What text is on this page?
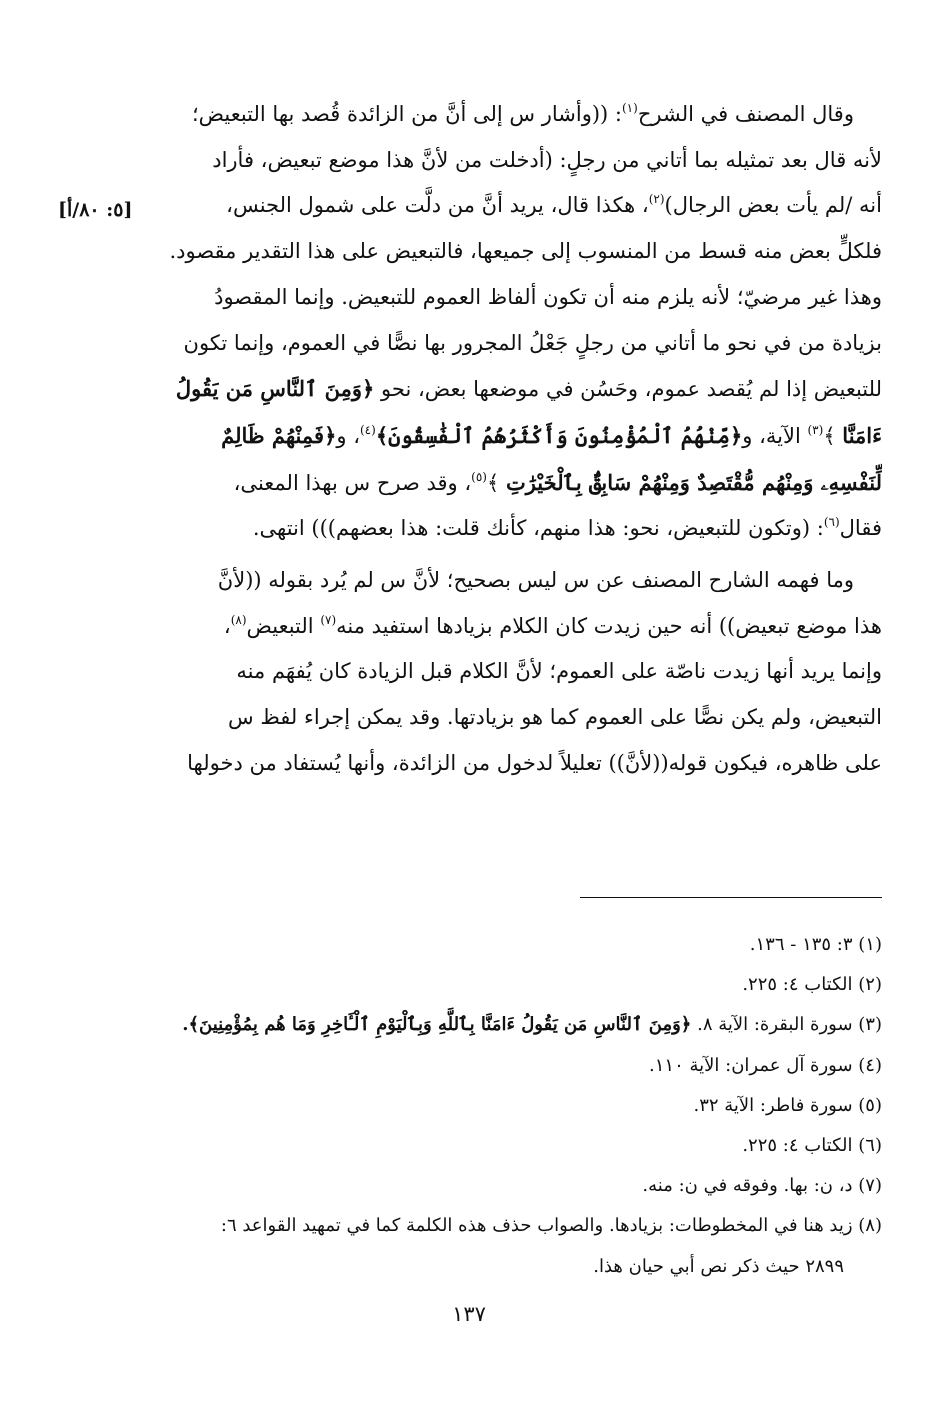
[٥: ٨٠/أ]

وقال المصنف في الشرح$^{(١)}$: ((وأشار س إلى أنَّ من الزائدة قُصد بها التبعيض؛
لأنه قال بعد تمثيله بما أتاني من رجلٍ: (أدخلت من لأنَّ هذا موضع تبعيض، فأراد
أنه /لم يأت بعض الرجال)$^{(٢)}$، هكذا قال، يريد أنَّ من دلَّت على شمول الجنس،
فلكلٍّ بعض منه قسط من المنسوب إلى جميعها، فالتبعيض على هذا التقدير مقصود.
وهذا غير مرضيّ؛ لأنه يلزم منه أن تكون ألفاظ العموم للتبعيض. وإنما المقصودُ
بزيادة من في نحو ما أتاني من رجلٍ جَعْلُ المجرور بها نصًّا في العموم، وإنما تكون
للتبعيض إذا لم يُقصد عموم، وحَسُن في موضعها بعض، نحو ﴿وَمِنَ ٱلنَّاسِ مَن يَقُولُ
ءَامَنَّا ﴾$^{(٣)}$ الآية، و﴿مِّنْهُمُ ٱلْمُؤْمِنُونَ وَأَكْثَرُهُمُ ٱلْفَٰسِقُونَ﴾$^{(٤)}$، و﴿فَمِنْهُمْ ظَالِمٌ
لِّنَفْسِهِۦ وَمِنْهُم مُّقْتَصِدٌ وَمِنْهُمْ سَابِقٌۢ بِٱلْخَيْرَٰتِ ﴾$^{(٥)}$، وقد صرح س بهذا المعنى،
فقال$^{(٦)}$: (وتكون للتبعيض، نحو: هذا منهم، كأنك قلت: هذا بعضهم))) انتهى.

وما فهمه الشارح المصنف عن س ليس بصحيح؛ لأنَّ س لم يُرد بقوله ((لأنَّ
هذا موضع تبعيض)) أنه حين زيدت كان الكلام بزيادها استفيد منه$^{(٧)}$ التبعيض$^{(٨)}$،
وإنما يريد أنها زيدت ناصّة على العموم؛ لأنَّ الكلام قبل الزيادة كان يُفهَم منه
التبعيض، ولم يكن نصًّا على العموم كما هو بزيادتها. وقد يمكن إجراء لفظ س
على ظاهره، فيكون قوله((لأنَّ)) تعليلاً لدخول من الزائدة، وأنها يُستفاد من دخولها

(١) ٣: ١٣٥ - ١٣٦.
(٢) الكتاب ٤: ٢٢٥.
(٣) سورة البقرة: الآية ٨. ﴿وَمِنَ ٱلنَّاسِ مَن يَقُولُ ءَامَنَّا بِٱللَّهِ وَبِٱلْيَوْمِ ٱلْـَٔاخِرِ وَمَا هُم بِمُؤْمِنِينَ﴾.
(٤) سورة آل عمران: الآية ١١٠.
(٥) سورة فاطر: الآية ٣٢.
(٦) الكتاب ٤: ٢٢٥.
(٧) د، ن: بها. وفوقه في ن: منه.
(٨) زيد هنا في المخطوطات: بزيادها. والصواب حذف هذه الكلمة كما في تمهيد القواعد ٦:
٢٨٩٩ حيث ذكر نص أبي حيان هذا.
١٣٧
